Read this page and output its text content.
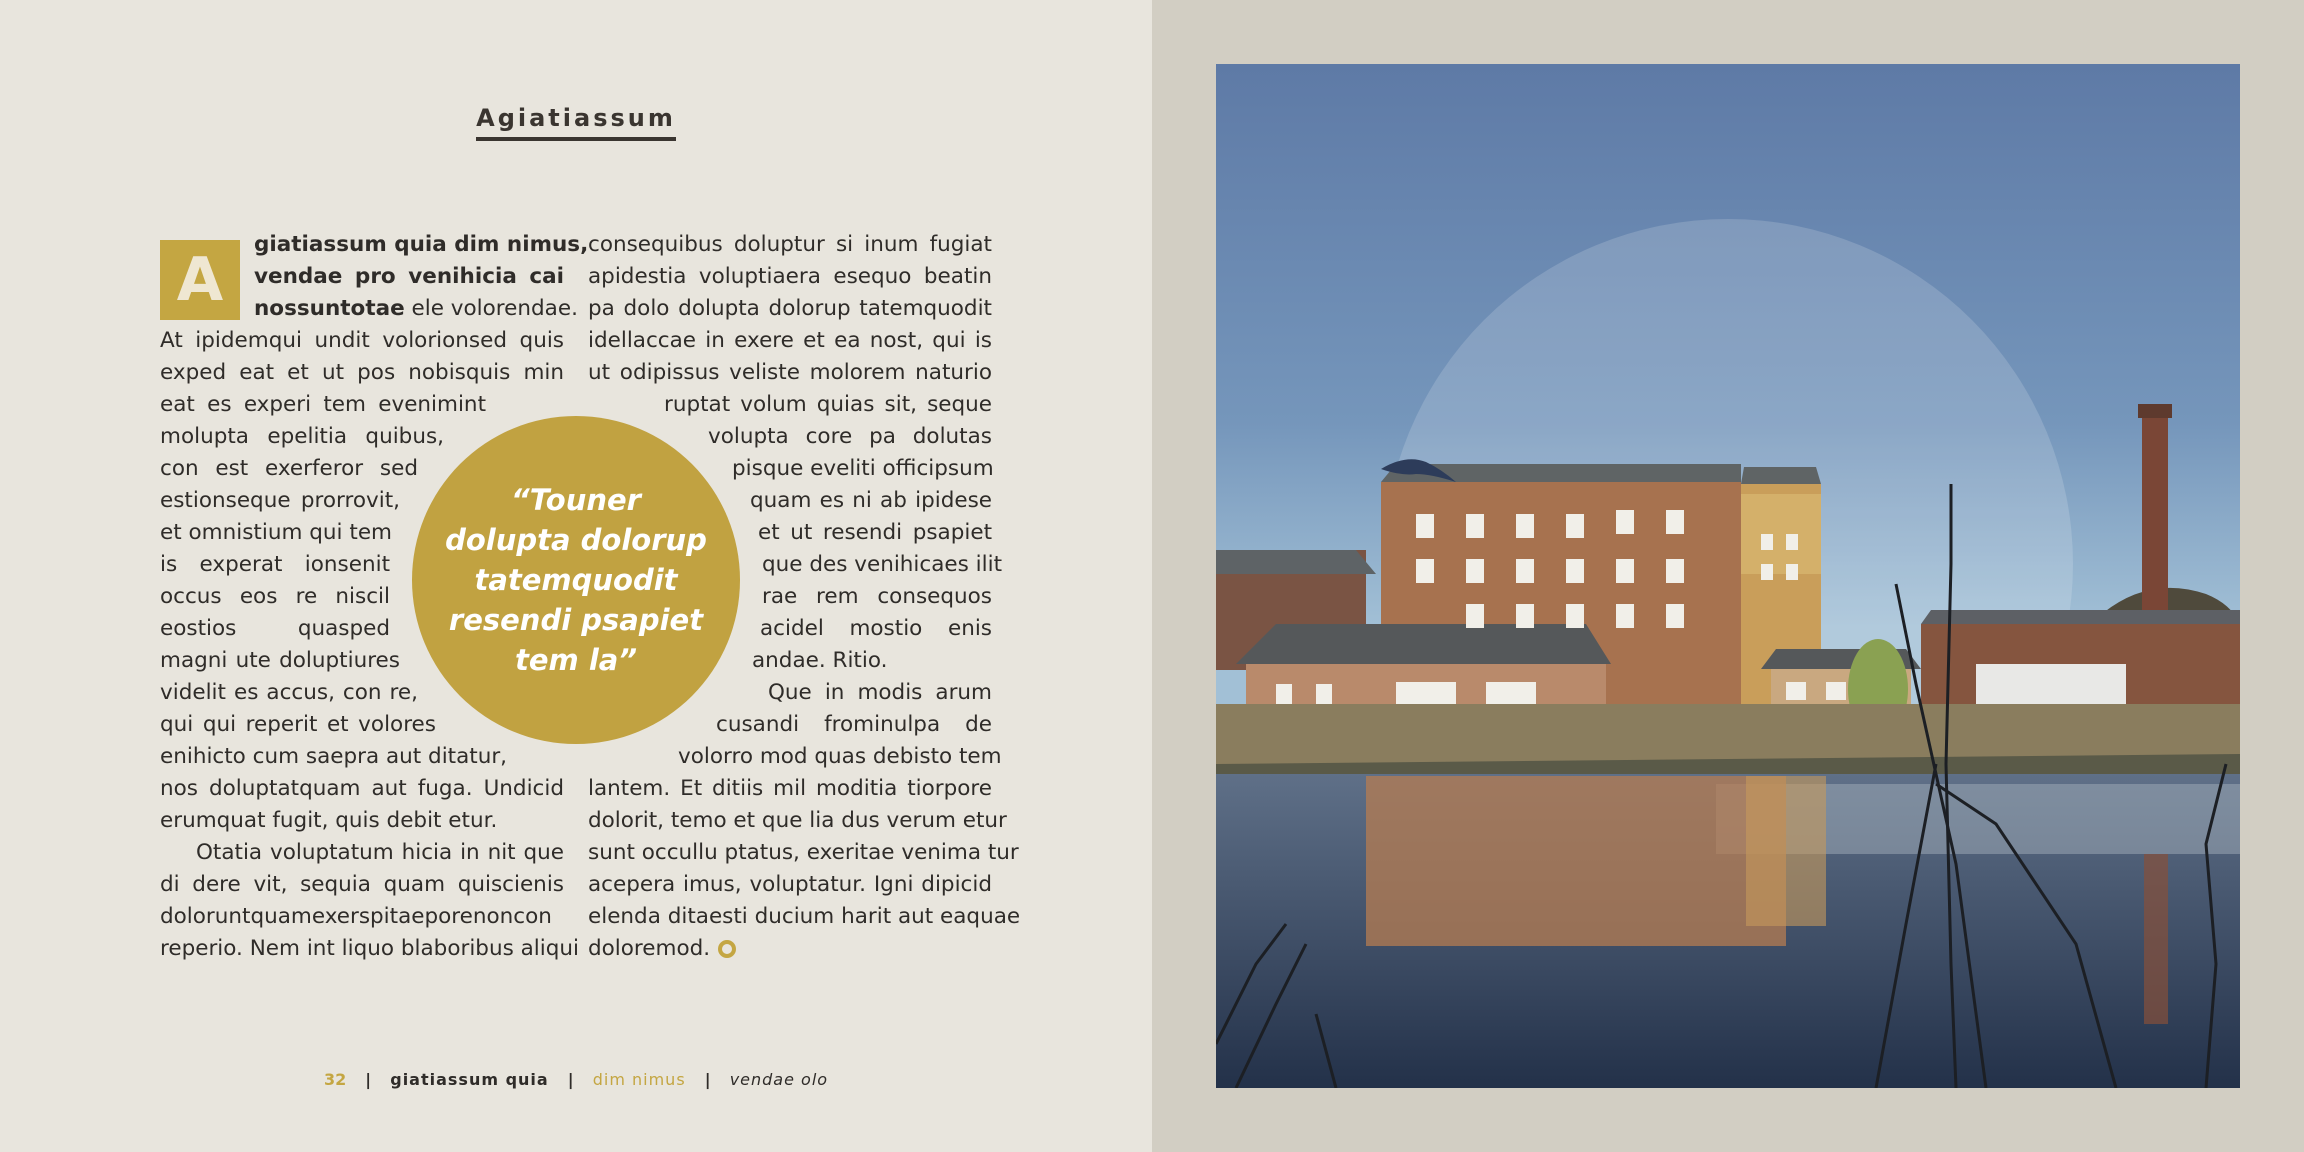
Agiatiassum
A
giatiassum quia dim nimus,
vendae pro venihicia cai
nossuntotae ele volorendae.
At ipidemqui undit volorionsed quis
exped eat et ut pos nobisquis min
eat es experi tem evenimint
molupta epelitia quibus,
con est exerferor sed
estionseque prorrovit,
et omnistium qui tem
is experat ionsenit
occus eos re niscil
eostios quasped
magni ute doluptiures
videlit es accus, con re,
qui qui reperit et volores
enihicto cum saepra aut ditatur,
nos doluptatquam aut fuga. Undicid
erumquat fugit, quis debit etur.
Otatia voluptatum hicia in nit que
di dere vit, sequia quam quiscienis
doloruntquamexerspitaeporenoncon
reperio. Nem int liquo blaboribus aliqui
consequibus doluptur si inum fugiat
apidestia voluptiaera esequo beatin
pa dolo dolupta dolorup tatemquodit
idellaccae in exere et ea nost, qui is
ut odipissus veliste molorem naturio
ruptat volum quias sit, seque
volupta core pa dolutas
pisque eveliti officipsum
quam es ni ab ipidese
et ut resendi psapiet
que des venihicaes ilit
rae rem consequos
acidel mostio enis
andae. Ritio.
Que in modis arum
cusandi frominulpa de
volorro mod quas debisto tem
lantem. Et ditiis mil moditia tiorpore
dolorit, temo et que lia dus verum etur
sunt occullu ptatus, exeritae venima tur
acepera imus, voluptatur. Igni dipicid
elenda ditaesti ducium harit aut eaquae
doloremod.
“Touner
dolupta dolorup
tatemquodit
resendi psapiet
tem la”
32 | giatiassum quia | dim nimus | vendae olo
